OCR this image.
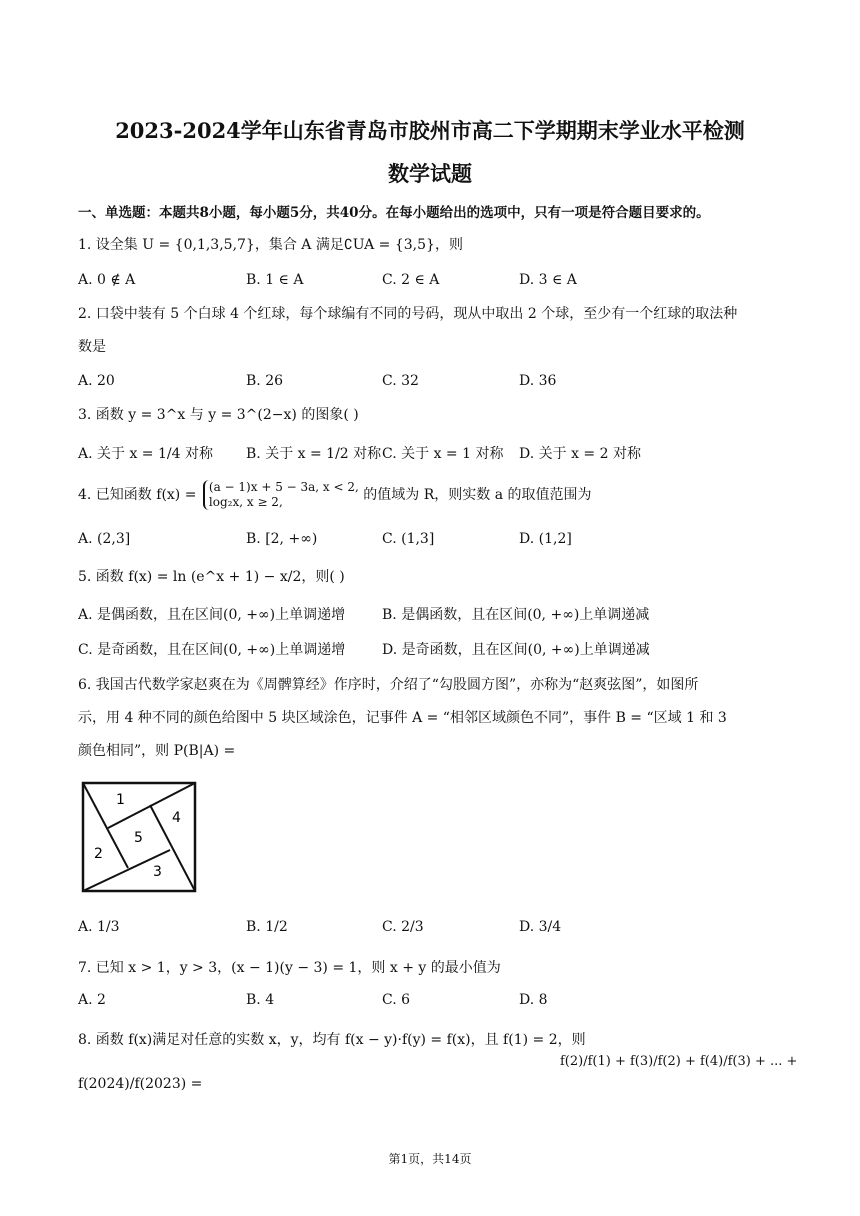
2023-2024学年山东省青岛市胶州市高二下学期期末学业水平检测
数学试题
一、单选题：本题共8小题，每小题5分，共40分。在每小题给出的选项中，只有一项是符合题目要求的。
1. 设全集 U = {0,1,3,5,7}，集合 A 满足∁UA = {3,5}，则
A. 0 ∉ A	B. 1 ∈ A	C. 2 ∈ A	D. 3 ∈ A
2. 口袋中装有 5 个白球 4 个红球，每个球编有不同的号码，现从中取出 2 个球，至少有一个红球的取法种
数是
A. 20	B. 26	C. 32	D. 36
3. 函数 y = 3^x 与 y = 3^(2−x) 的图象( )
A. 关于 x = 1/4 对称 B. 关于 x = 1/2 对称 C. 关于 x = 1 对称 D. 关于 x = 2 对称
4. 已知函数 f(x) = (a − 1)x + 5 − 3a, x < 2,
log₂x, x ≥ 2,	的值域为 R，则实数 a 的取值范围为
A. (2,3]	B. [2, +∞)	C. (1,3]	D. (1,2]
5. 函数 f(x) = ln (e^x + 1) − x/2，则( )
A. 是偶函数，且在区间(0, +∞)上单调递增	B. 是偶函数，且在区间(0, +∞)上单调递减
C. 是奇函数，且在区间(0, +∞)上单调递增	D. 是奇函数，且在区间(0, +∞)上单调递减
6. 我国古代数学家赵爽在为《周髀算经》作序时，介绍了“勾股圆方图”，亦称为“赵爽弦图”，如图所
示，用 4 种不同的颜色给图中 5 块区域涂色，记事件 A = “相邻区域颜色不同”，事件 B = “区域 1 和 3
颜色相同”，则 P(B|A) =
1
2
3
4
5
A. 1/3	B. 1/2	C. 2/3	D. 3/4
7. 已知 x > 1，y > 3，(x − 1)(y − 3) = 1，则 x + y 的最小值为
A. 2	B. 4	C. 6	D. 8
8. 函数 f(x)满足对任意的实数 x，y，均有 f(x − y)·f(y) = f(x)，且 f(1) = 2，则
f(2)/f(1) + f(3)/f(2) + f(4)/f(3) + ... +
f(2024)/f(2023) =
第1页，共14页
